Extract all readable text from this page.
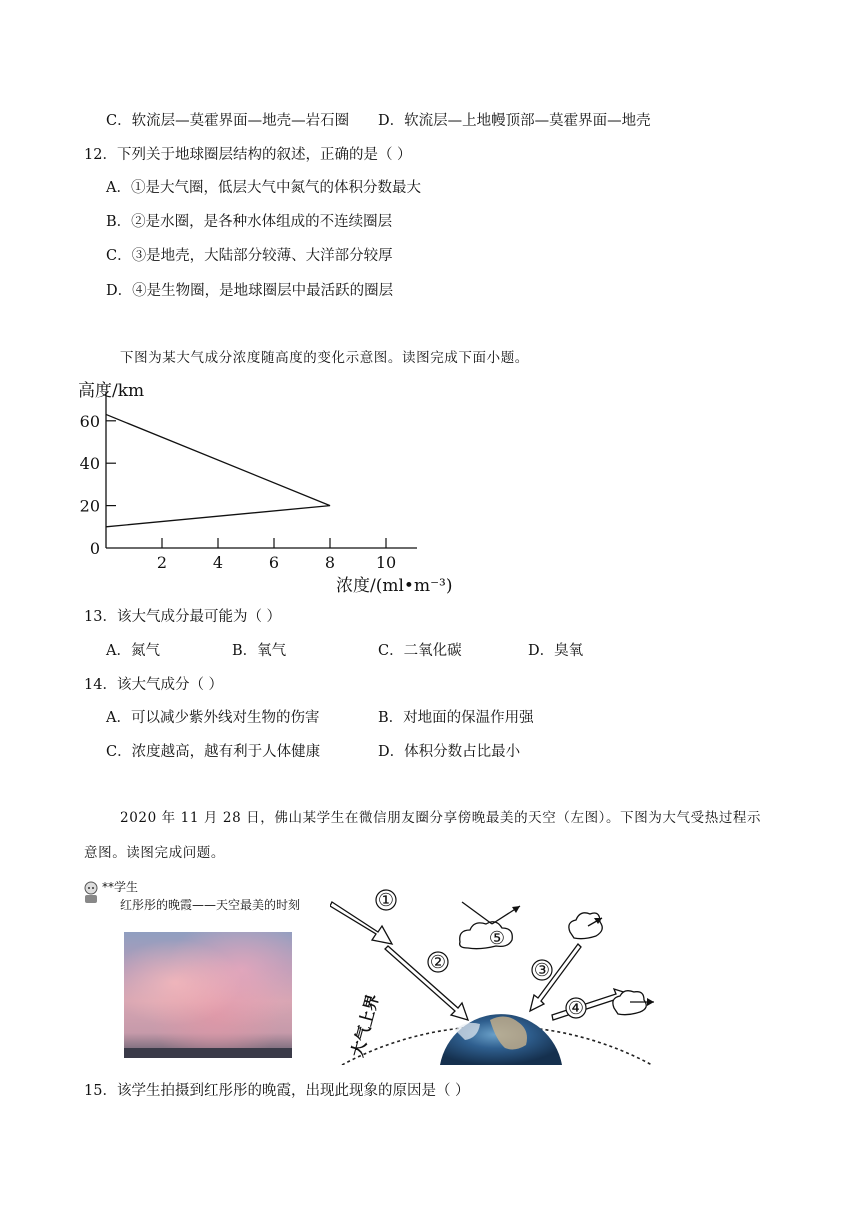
C．软流层—莫霍界面—地壳—岩石圈 D．软流层—上地幔顶部—莫霍界面—地壳
12．下列关于地球圈层结构的叙述，正确的是（ ）
A．①是大气圈，低层大气中氮气的体积分数最大
B．②是水圈，是各种水体组成的不连续圈层
C．③是地壳，大陆部分较薄、大洋部分较厚
D．④是生物圈，是地球圈层中最活跃的圈层
下图为某大气成分浓度随高度的变化示意图。读图完成下面小题。
高度/km
60
40
20
0
2	4	6	8	10
浓度/(ml•m⁻³)
13．该大气成分最可能为（ ）
A．氮气	B．氧气	C．二氧化碳	D．臭氧
14．该大气成分（ ）
A．可以减少紫外线对生物的伤害	B．对地面的保温作用强
C．浓度越高，越有利于人体健康	D．体积分数占比最小
2020 年 11 月 28 日，佛山某学生在微信朋友圈分享傍晚最美的天空（左图）。下图为大气受热过程示
意图。读图完成问题。
**学生
红彤彤的晚霞——天空最美的时刻
大气上界
①
②	③
④
⑤
15．该学生拍摄到红彤彤的晚霞，出现此现象的原因是（ ）
